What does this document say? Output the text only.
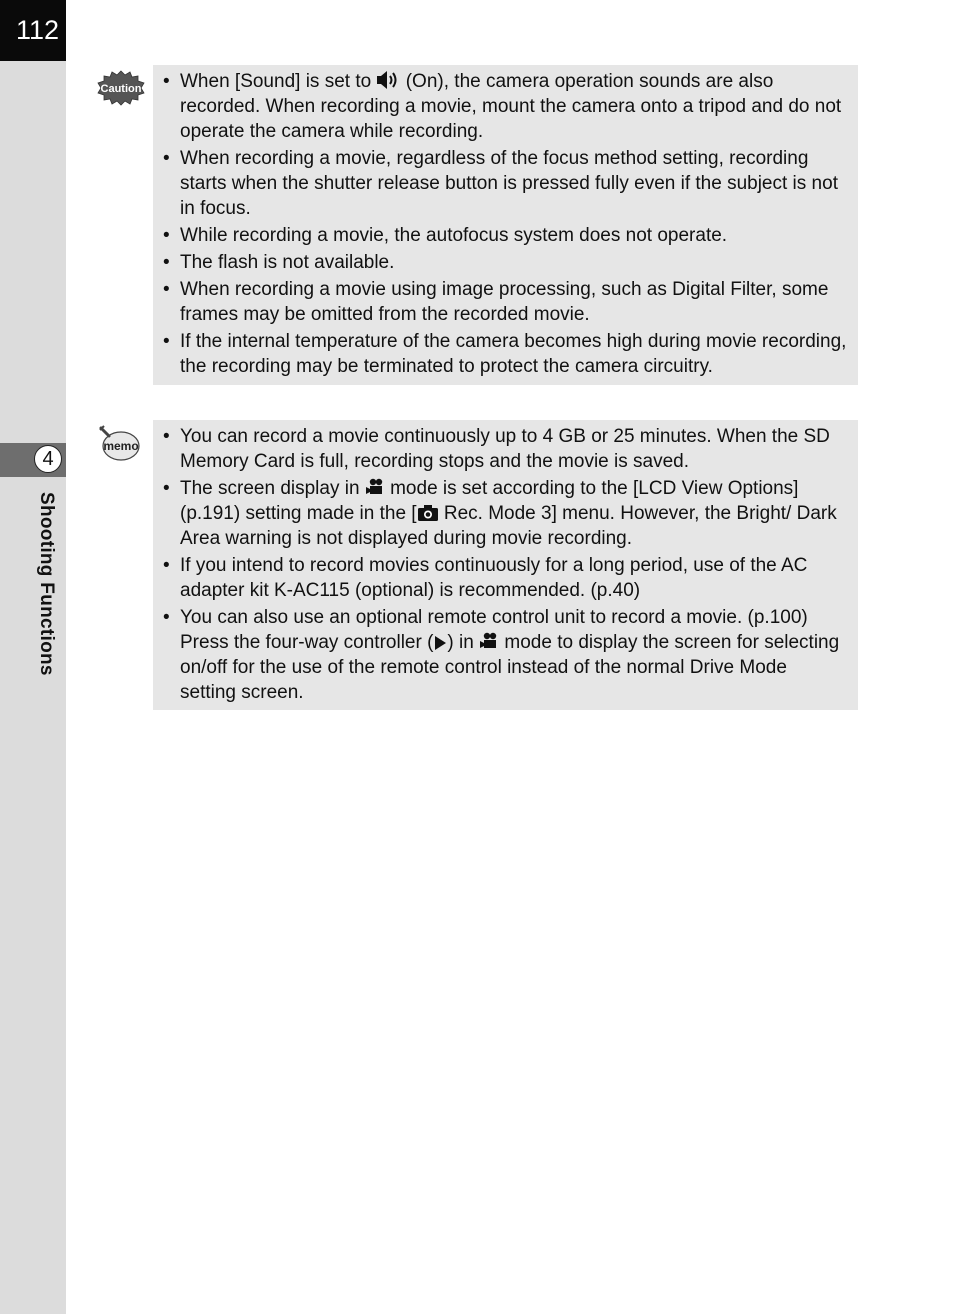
112
4
Shooting Functions
Caution	• When [Sound] is set to  (On), the camera operation sounds are also recorded. When recording a movie, mount the camera onto a tripod and do not operate the camera while recording.
• When recording a movie, regardless of the focus method setting, recording starts when the shutter release button is pressed fully even if the subject is not in focus.
• While recording a movie, the autofocus system does not operate.
• The flash is not available.
• When recording a movie using image processing, such as Digital Filter, some frames may be omitted from the recorded movie.
• If the internal temperature of the camera becomes high during movie recording, the recording may be terminated to protect the camera circuitry.
memo	• You can record a movie continuously up to 4 GB or 25 minutes. When the SD Memory Card is full, recording stops and the movie is saved.
• The screen display in  mode is set according to the [LCD View Options] (p.191) setting made in the [ Rec. Mode 3] menu. However, the Bright/ Dark Area warning is not displayed during movie recording.
• If you intend to record movies continuously for a long period, use of the AC adapter kit K-AC115 (optional) is recommended. (p.40)
• You can also use an optional remote control unit to record a movie. (p.100) Press the four-way controller ( ) in  mode to display the screen for selecting on/off for the use of the remote control instead of the normal Drive Mode setting screen.
